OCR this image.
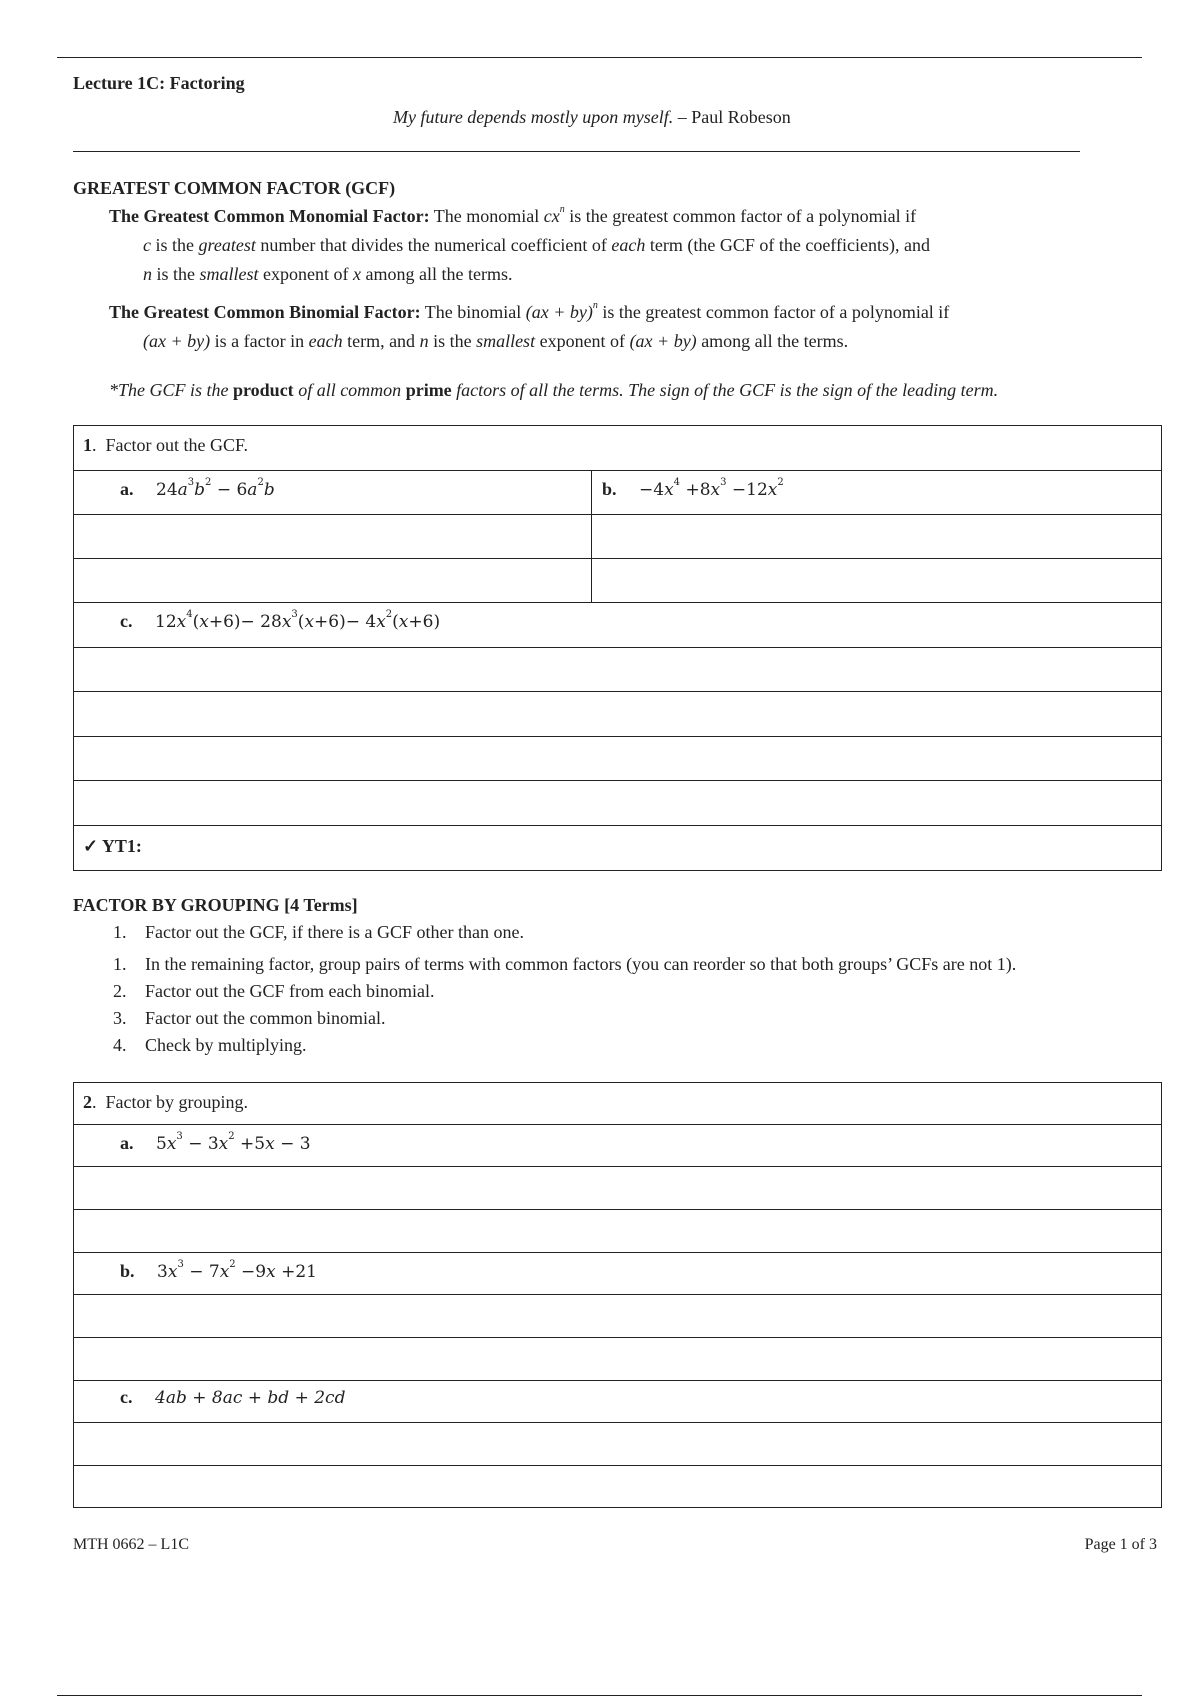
Lecture 1C: Factoring
My future depends mostly upon myself. – Paul Robeson
GREATEST COMMON FACTOR (GCF)
The Greatest Common Monomial Factor: The monomial $cx^n$ is the greatest common factor of a polynomial if
c is the greatest number that divides the numerical coefficient of each term (the GCF of the coefficients), and
n is the smallest exponent of x among all the terms.
The Greatest Common Binomial Factor: The binomial (ax + by)$^n$ is the greatest common factor of a polynomial if
(ax + by) is a factor in each term, and n is the smallest exponent of (ax + by) among all the terms.
*The GCF is the product of all common prime factors of all the terms. The sign of the GCF is the sign of the leading term.
1.  Factor out the GCF.
a. $24a^3b^2 - 6a^2b$	b. $-4x^4 +8x^3 -12x^2$
c. $12x^4(x+6)- 28x^3(x+6)- 4x^2(x+6)$
✓ YT1:
FACTOR BY GROUPING [4 Terms]
1. Factor out the GCF, if there is a GCF other than one.
1. In the remaining factor, group pairs of terms with common factors (you can reorder so that both groups’ GCFs are not 1).
2. Factor out the GCF from each binomial.
3. Factor out the common binomial.
4. Check by multiplying.
2.  Factor by grouping.
a. $5x^3 - 3x^2 +5x - 3$
b. $3x^3 - 7x^2 -9x +21$
c. 4ab + 8ac + bd + 2cd
MTH 0662 – L1C	Page 1 of 3
